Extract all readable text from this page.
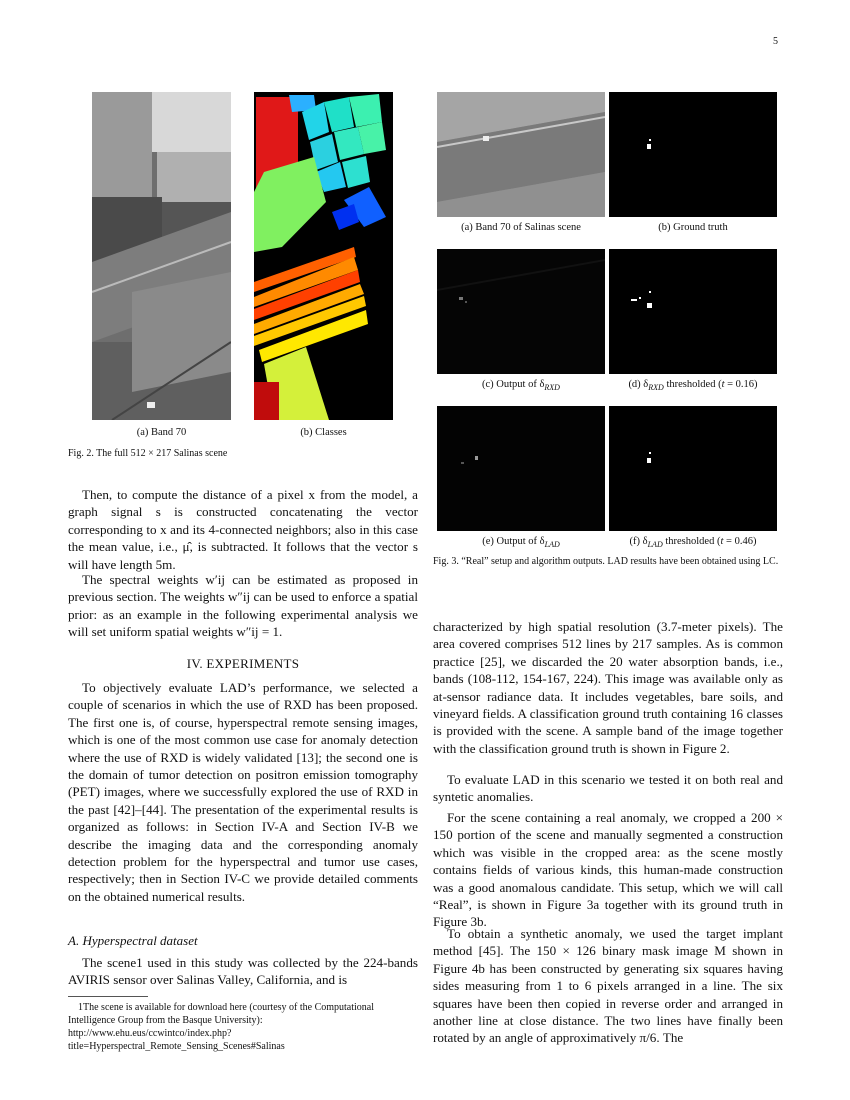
5
(a) Band 70	(b) Classes
Fig. 2. The full 512 × 217 Salinas scene
(a) Band 70 of Salinas scene	(b) Ground truth
(c) Output of $\delta_{RXD}$	(d) $\delta_{RXD}$ thresholded (t = 0.16)
(e) Output of $\delta_{LAD}$	(f) $\delta_{LAD}$ thresholded (t = 0.46)
Fig. 3. “Real” setup and algorithm outputs. LAD results have been obtained using LC.
Then, to compute the distance of a pixel x from the model, a graph signal s is constructed concatenating the vector corresponding to x and its 4-connected neighbors; also in this case the mean value, i.e., μ̂, is subtracted. It follows that the vector s will have length 5m.
The spectral weights w′ij can be estimated as proposed in previous section. The weights w″ij can be used to enforce a spatial prior: as an example in the following experimental analysis we will set uniform spatial weights w″ij = 1.
IV. EXPERIMENTS
To objectively evaluate LAD’s performance, we selected a couple of scenarios in which the use of RXD has been proposed. The first one is, of course, hyperspectral remote sensing images, which is one of the most common use case for anomaly detection where the use of RXD is widely validated [13]; the second one is the domain of tumor detection on positron emission tomography (PET) images, where we successfully explored the use of RXD in the past [42]–[44]. The presentation of the experimental results is organized as follows: in Section IV-A and Section IV-B we describe the imaging data and the corresponding anomaly detection problem for the hyperspectral and tumor use cases, respectively; then in Section IV-C we provide detailed comments on the obtained numerical results.
A. Hyperspectral dataset
The scene1 used in this study was collected by the 224-bands AVIRIS sensor over Salinas Valley, California, and is
1The scene is available for download here (courtesy of the Computational Intelligence Group from the Basque University): http://www.ehu.eus/ccwintco/index.php?title=Hyperspectral_Remote_Sensing_Scenes#Salinas
characterized by high spatial resolution (3.7-meter pixels). The area covered comprises 512 lines by 217 samples. As is common practice [25], we discarded the 20 water absorption bands, i.e., bands (108-112, 154-167, 224). This image was available only as at-sensor radiance data. It includes vegetables, bare soils, and vineyard fields. A classification ground truth containing 16 classes is provided with the scene. A sample band of the image together with the classification ground truth is shown in Figure 2.
To evaluate LAD in this scenario we tested it on both real and syntetic anomalies.
For the scene containing a real anomaly, we cropped a 200 × 150 portion of the scene and manually segmented a construction which was visible in the cropped area: as the scene mostly contains fields of various kinds, this human-made construction was a good anomalous candidate. This setup, which we will call “Real”, is shown in Figure 3a together with its ground truth in Figure 3b.
To obtain a synthetic anomaly, we used the target implant method [45]. The 150 × 126 binary mask image M shown in Figure 4b has been constructed by generating six squares having sides measuring from 1 to 6 pixels arranged in a line. The six squares have been then copied in reverse order and arranged in another line at close distance. The two lines have finally been rotated by an angle of approximatively π/6. The
